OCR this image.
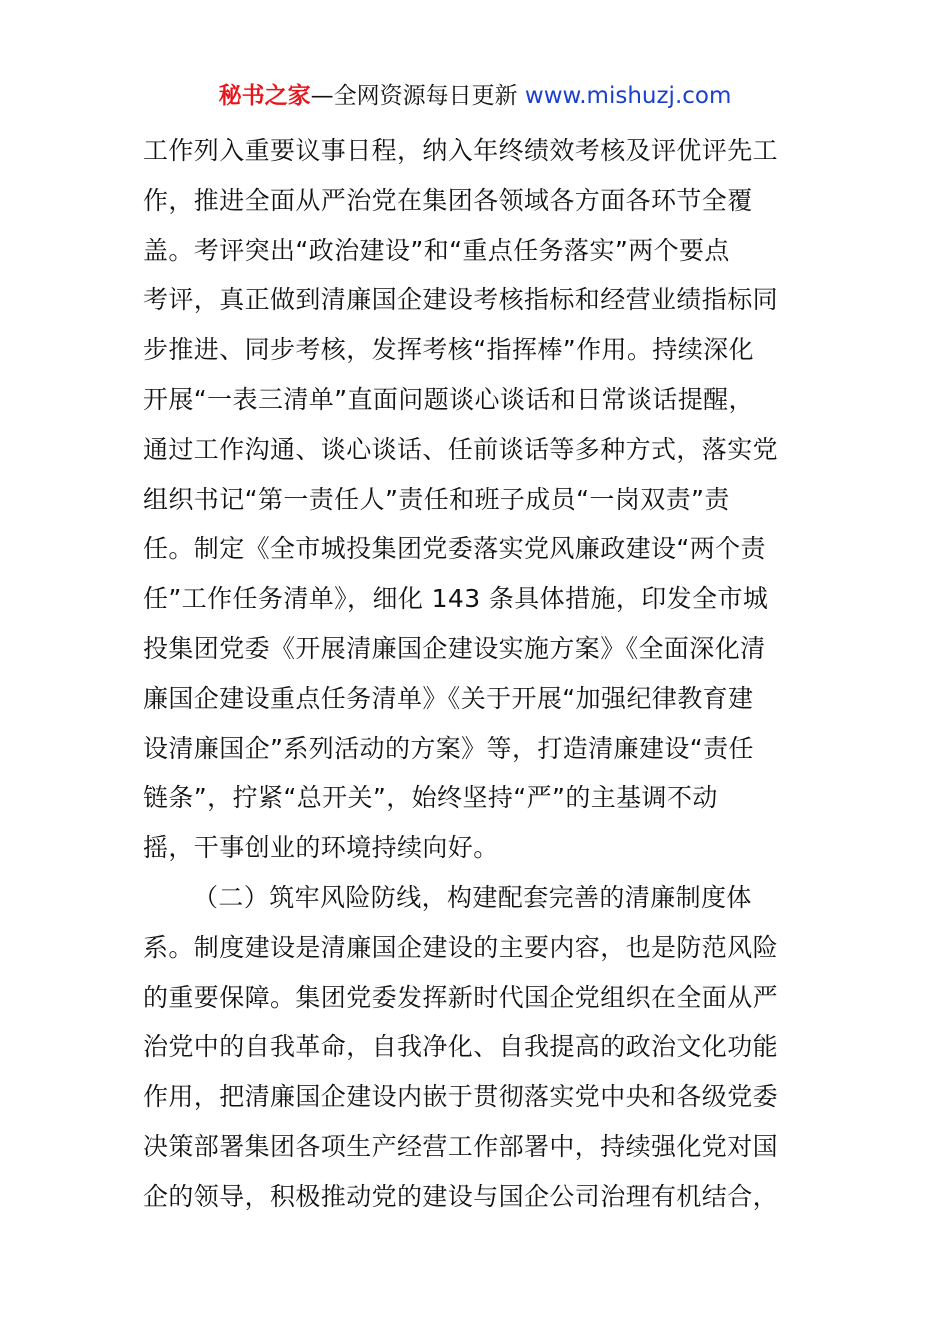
秘书之家—全网资源每日更新 www.mishuzj.com

工作列入重要议事日程，纳入年终绩效考核及评优评先工
作，推进全面从严治党在集团各领域各方面各环节全覆
盖。考评突出“政治建设”和“重点任务落实”两个要点
考评，真正做到清廉国企建设考核指标和经营业绩指标同
步推进、同步考核，发挥考核“指挥棒”作用。持续深化
开展“一表三清单”直面问题谈心谈话和日常谈话提醒，
通过工作沟通、谈心谈话、任前谈话等多种方式，落实党
组织书记“第一责任人”责任和班子成员“一岗双责”责
任。制定《全市城投集团党委落实党风廉政建设“两个责
任”工作任务清单》，细化 143 条具体措施，印发全市城
投集团党委《开展清廉国企建设实施方案》《全面深化清
廉国企建设重点任务清单》《关于开展“加强纪律教育建
设清廉国企”系列活动的方案》等，打造清廉建设“责任
链条”，拧紧“总开关”，始终坚持“严”的主基调不动
摇，干事创业的环境持续向好。

（二）筑牢风险防线，构建配套完善的清廉制度体
系。制度建设是清廉国企建设的主要内容，也是防范风险
的重要保障。集团党委发挥新时代国企党组织在全面从严
治党中的自我革命，自我净化、自我提高的政治文化功能
作用，把清廉国企建设内嵌于贯彻落实党中央和各级党委
决策部署集团各项生产经营工作部署中，持续强化党对国
企的领导，积极推动党的建设与国企公司治理有机结合，
